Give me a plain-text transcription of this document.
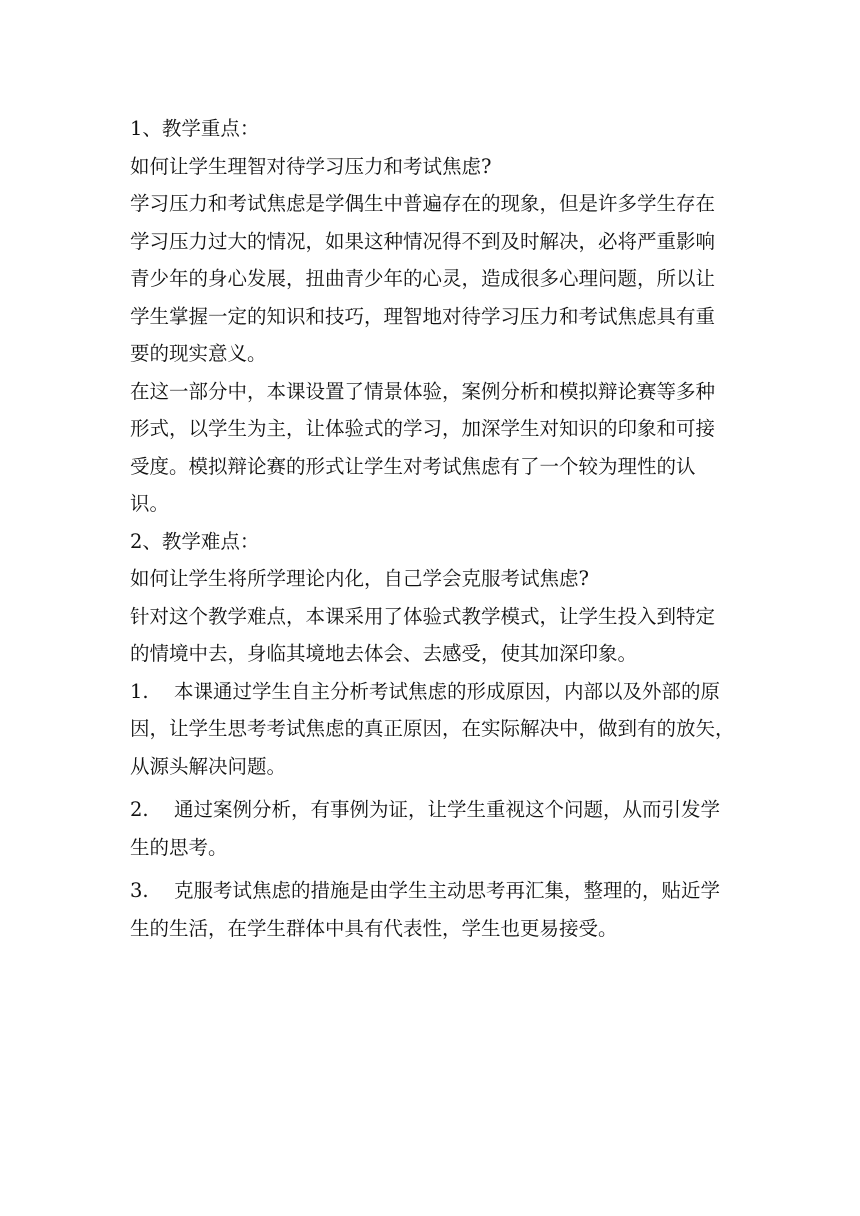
1、教学重点：

如何让学生理智对待学习压力和考试焦虑?

学习压力和考试焦虑是学偶生中普遍存在的现象，但是许多学生存在

学习压力过大的情况，如果这种情况得不到及时解决，必将严重影响

青少年的身心发展，扭曲青少年的心灵，造成很多心理问题，所以让

学生掌握一定的知识和技巧，理智地对待学习压力和考试焦虑具有重

要的现实意义。

在这一部分中，本课设置了情景体验，案例分析和模拟辩论赛等多种

形式，以学生为主，让体验式的学习，加深学生对知识的印象和可接

受度。模拟辩论赛的形式让学生对考试焦虑有了一个较为理性的认

识。

2、教学难点：

如何让学生将所学理论内化，自己学会克服考试焦虑?

针对这个教学难点，本课采用了体验式教学模式，让学生投入到特定

的情境中去，身临其境地去体会、去感受，使其加深印象。

1. 本课通过学生自主分析考试焦虑的形成原因，内部以及外部的原

因，让学生思考考试焦虑的真正原因，在实际解决中，做到有的放矢，

从源头解决问题。

2. 通过案例分析，有事例为证，让学生重视这个问题，从而引发学

生的思考。

3. 克服考试焦虑的措施是由学生主动思考再汇集，整理的，贴近学

生的生活，在学生群体中具有代表性，学生也更易接受。
